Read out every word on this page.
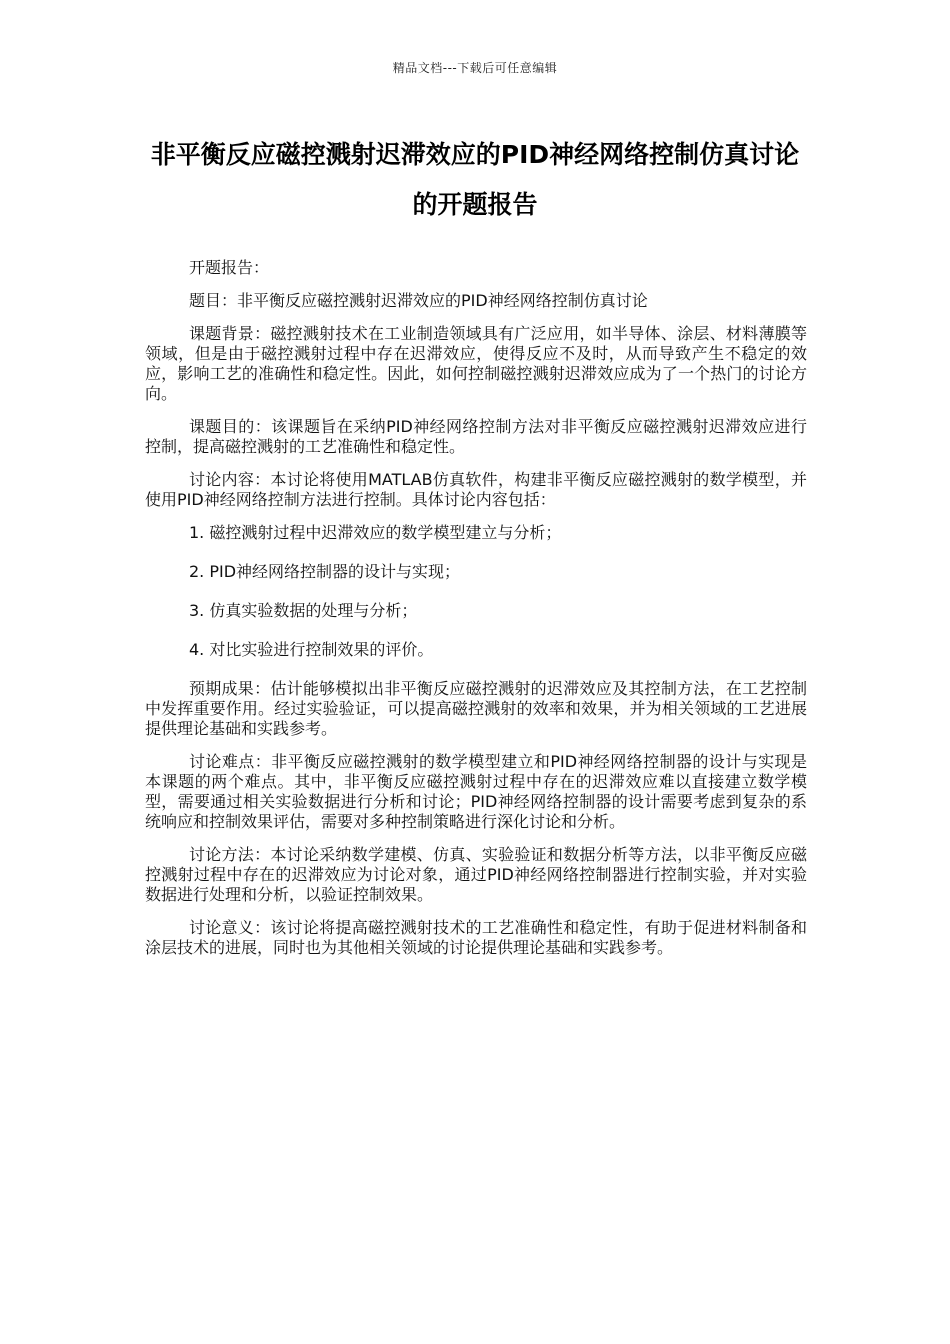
精品文档---下载后可任意编辑
非平衡反应磁控溅射迟滞效应的PID神经网络控制仿真讨论的开题报告

开题报告：

题目：非平衡反应磁控溅射迟滞效应的PID神经网络控制仿真讨论

课题背景：磁控溅射技术在工业制造领域具有广泛应用，如半导体、涂层、材料薄膜等领域，但是由于磁控溅射过程中存在迟滞效应，使得反应不及时，从而导致产生不稳定的效应，影响工艺的准确性和稳定性。因此，如何控制磁控溅射迟滞效应成为了一个热门的讨论方向。

课题目的：该课题旨在采纳PID神经网络控制方法对非平衡反应磁控溅射迟滞效应进行控制，提高磁控溅射的工艺准确性和稳定性。

讨论内容：本讨论将使用MATLAB仿真软件，构建非平衡反应磁控溅射的数学模型，并使用PID神经网络控制方法进行控制。具体讨论内容包括：

1. 磁控溅射过程中迟滞效应的数学模型建立与分析；

2. PID神经网络控制器的设计与实现；

3. 仿真实验数据的处理与分析；

4. 对比实验进行控制效果的评价。

预期成果：估计能够模拟出非平衡反应磁控溅射的迟滞效应及其控制方法，在工艺控制中发挥重要作用。经过实验验证，可以提高磁控溅射的效率和效果，并为相关领域的工艺进展提供理论基础和实践参考。

讨论难点：非平衡反应磁控溅射的数学模型建立和PID神经网络控制器的设计与实现是本课题的两个难点。其中，非平衡反应磁控溅射过程中存在的迟滞效应难以直接建立数学模型，需要通过相关实验数据进行分析和讨论；PID神经网络控制器的设计需要考虑到复杂的系统响应和控制效果评估，需要对多种控制策略进行深化讨论和分析。

讨论方法：本讨论采纳数学建模、仿真、实验验证和数据分析等方法，以非平衡反应磁控溅射过程中存在的迟滞效应为讨论对象，通过PID神经网络控制器进行控制实验，并对实验数据进行处理和分析，以验证控制效果。

讨论意义：该讨论将提高磁控溅射技术的工艺准确性和稳定性，有助于促进材料制备和涂层技术的进展，同时也为其他相关领域的讨论提供理论基础和实践参考。
